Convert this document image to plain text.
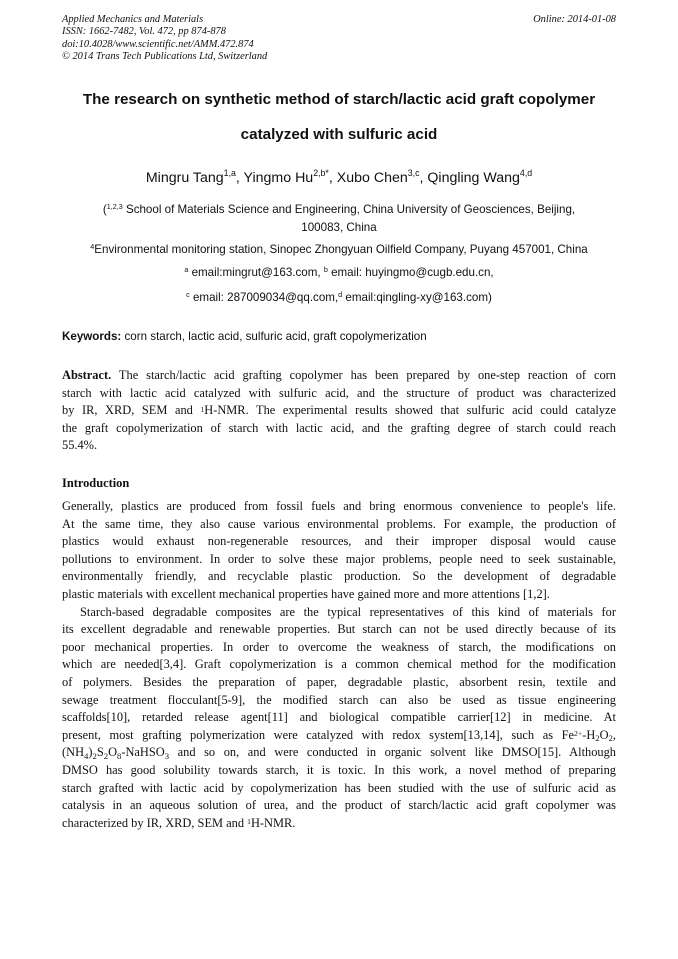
Applied Mechanics and Materials
ISSN: 1662-7482, Vol. 472, pp 874-878
doi:10.4028/www.scientific.net/AMM.472.874
© 2014 Trans Tech Publications Ltd, Switzerland
Online: 2014-01-08
The research on synthetic method of starch/lactic acid graft copolymer
catalyzed with sulfuric acid
Mingru Tang$^{1,a}$, Yingmo $Hu^{2,b*}$, Xubo Chen$^{3,c}$, Qingling Wang$^{4,d}$
($^{1,2,3}$ School of Materials Science and Engineering, China University of Geosciences, Beijing,
100083, China
$^4$Environmental monitoring station, Sinopec Zhongyuan Oilfield Company, Puyang 457001, China
$^a$ email:mingrut@163.com, $^b$ email: huyingmo@cugb.edu.cn,
$^c$ email: 287009034@qq.com,$^d$ email:qingling-xy@163.com)
Keywords: corn starch, lactic acid, sulfuric acid, graft copolymerization
Abstract. The starch/lactic acid grafting copolymer has been prepared by one-step reaction of corn
starch with lactic acid catalyzed with sulfuric acid, and the structure of product was characterized
by IR, XRD, SEM and $^1$H-NMR. The experimental results showed that sulfuric acid could catalyze
the graft copolymerization of starch with lactic acid, and the grafting degree of starch could reach
55.4%.
Introduction
Generally, plastics are produced from fossil fuels and bring enormous convenience to people's life.
At the same time, they also cause various environmental problems. For example, the production of
plastics would exhaust non-regenerable resources, and their improper disposal would cause
pollutions to environment. In order to solve these major problems, people need to seek sustainable,
environmentally friendly, and recyclable plastic production. So the development of degradable
plastic materials with excellent mechanical properties have gained more and more attentions [1,2].
Starch-based degradable composites are the typical representatives of this kind of materials for
its excellent degradable and renewable properties. But starch can not be used directly because of its
poor mechanical properties. In order to overcome the weakness of starch, the modifications on
which are needed[3,4]. Graft copolymerization is a common chemical method for the modification
of polymers. Besides the preparation of paper, degradable plastic, absorbent resin, textile and
sewage treatment flocculant[5-9], the modified starch can also be used as tissue engineering
scaffolds[10], retarded release agent[11] and biological compatible carrier[12] in medicine. At
present, most grafting polymerization were catalyzed with redox system[13,14], such as $Fe^{2+}-H_2O_2$,
$(NH_4)_2S_2O_8-NaHSO_3$ and so on, and were conducted in organic solvent like DMSO[15]. Although
DMSO has good solubility towards starch, it is toxic. In this work, a novel method of preparing
starch grafted with lactic acid by copolymerization has been studied with the use of sulfuric acid as
catalysis in an aqueous solution of urea, and the product of starch/lactic acid graft copolymer was
characterized by IR, XRD, SEM and $^1$H-NMR.
